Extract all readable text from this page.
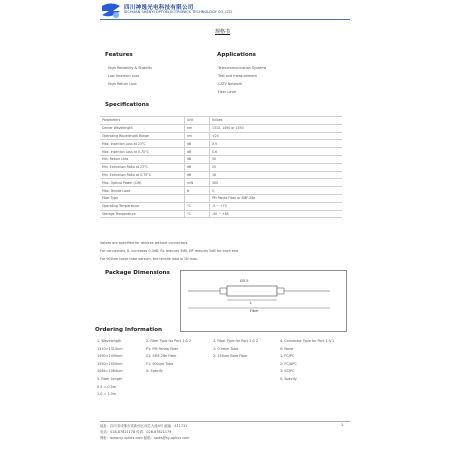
四川神逸光电科技有限公司
SICHUAN SHENYI OPTOELECTRONICS TECHNOLOGY CO.,LTD
规格书
Features
High Reliability & Stability
Low Insertion Loss
High Return Loss
Applications
Telecommunication Systems
Test and measurement
CATV Network
Fiber Laser
Specifications
Parameters	Unit	Values
Center Wavelength	nm	1310, 1490 or 1550
Operating Wavelength Range	nm	±20
Max. Insertion Loss at 23°C	dB	0.5
Max. Insertion Loss at 0-70°C	dB	0.6
Min. Return Loss	dB	50
Min. Extinction Ratio at 23°C	dB	20
Min. Extinction Ratio at 0-70°C	dB	18
Max. Optical Power (CW)	mW	300
Max. Tensile Load	N	5
Fiber Type		PM Panda Fiber or SMF-28e
Operating Temperature	°C	-5 ~ +70
Storage Temperature	°C	-40 ~ +85
Values are specified for devices without connectors.
For connectors, IL increases 0.3dB, RL reduces 5dB, ER reduces 2dB for each end.
For 900um loose tube version, the tensile load is 1N max.
Package Dimensions
Ø5.5
L
Fiber
Ordering Information
1. Wavelength
1310=1310nm
1490=1490nm
1550=1550nm
1064=1064nm
5. Fiber Length
0.5 = 0.5m
1.0 = 1.0m
2. Fiber Type for Port 1 & 2
P1: PM Panda Fiber
S1: SMF-28e Fiber
F1: 900um Tube
X: Specify
3. Fiber Type for Port 1 & 2
1: 0.9mm Tube
2: 250um Bare Fiber
4. Connector Type for Port 1 & 2
0: None
1: FC/PC
2: FC/APC
3: SC/PC
S: Specify
地址：四川省成都市高新西区西芯大道4号 邮编：611731
电话：028-87821178 传真：028-87821179
网址：www.sy-optics.com 邮箱：sales@sy-optics.com
1
